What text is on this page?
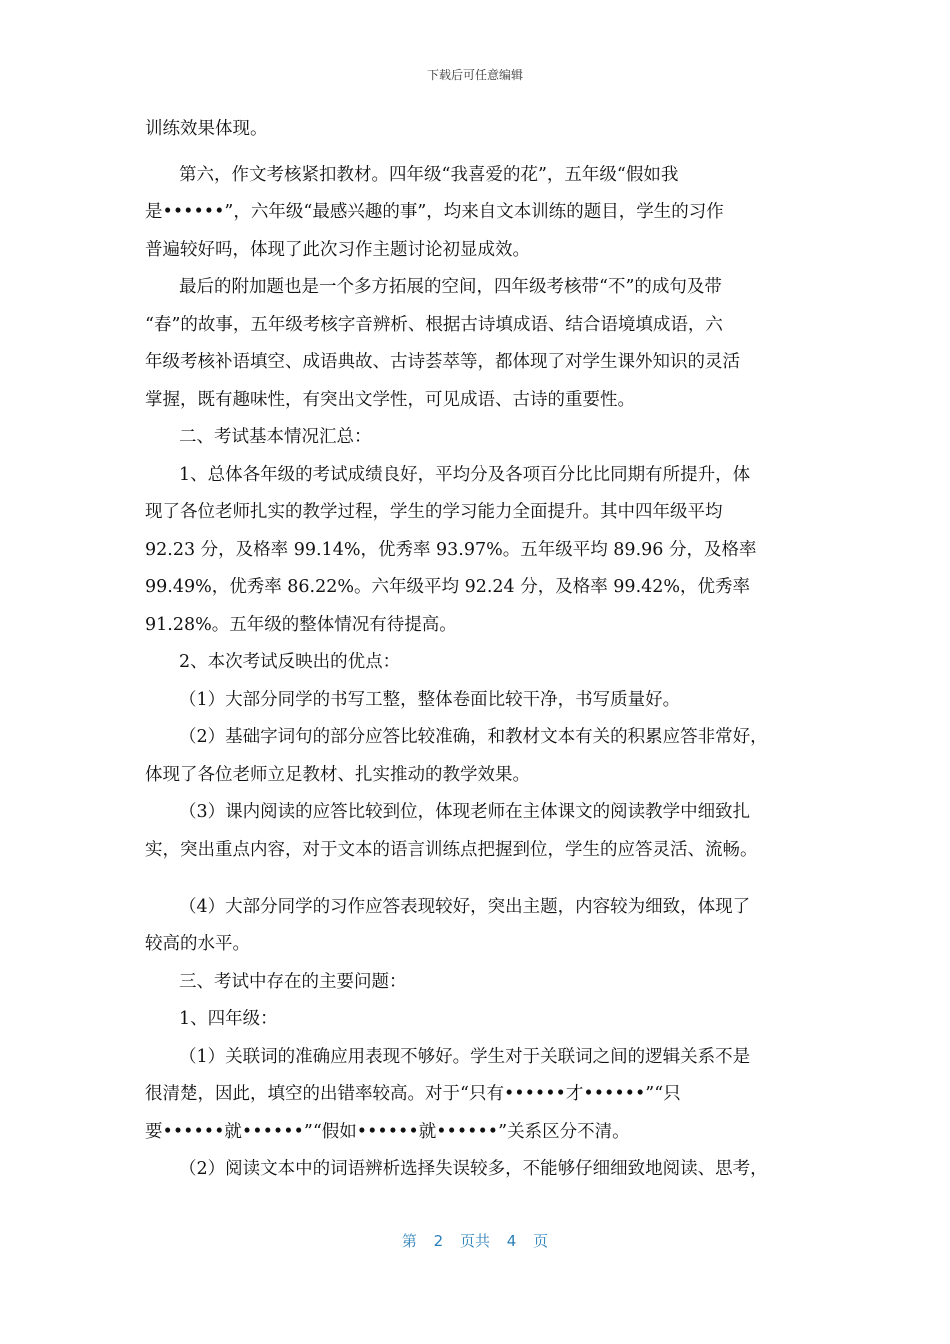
下载后可任意编辑
训练效果体现。
第六，作文考核紧扣教材。四年级“我喜爱的花”，五年级“假如我
是••••••”，六年级“最感兴趣的事”，均来自文本训练的题目，学生的习作
普遍较好吗，体现了此次习作主题讨论初显成效。
最后的附加题也是一个多方拓展的空间，四年级考核带“不”的成句及带
“春”的故事，五年级考核字音辨析、根据古诗填成语、结合语境填成语，六
年级考核补语填空、成语典故、古诗荟萃等，都体现了对学生课外知识的灵活
掌握，既有趣味性，有突出文学性，可见成语、古诗的重要性。
二、考试基本情况汇总：
1、总体各年级的考试成绩良好，平均分及各项百分比比同期有所提升，体
现了各位老师扎实的教学过程，学生的学习能力全面提升。其中四年级平均
92.23 分，及格率 99.14%，优秀率 93.97%。五年级平均 89.96 分，及格率
99.49%，优秀率 86.22%。六年级平均 92.24 分，及格率 99.42%，优秀率
91.28%。五年级的整体情况有待提高。
2、本次考试反映出的优点：
（1）大部分同学的书写工整，整体卷面比较干净，书写质量好。
（2）基础字词句的部分应答比较准确，和教材文本有关的积累应答非常好，
体现了各位老师立足教材、扎实推动的教学效果。
（3）课内阅读的应答比较到位，体现老师在主体课文的阅读教学中细致扎
实，突出重点内容，对于文本的语言训练点把握到位，学生的应答灵活、流畅。
（4）大部分同学的习作应答表现较好，突出主题，内容较为细致，体现了
较高的水平。
三、考试中存在的主要问题：
1、四年级：
（1）关联词的准确应用表现不够好。学生对于关联词之间的逻辑关系不是
很清楚，因此，填空的出错率较高。对于“只有••••••才••••••”“只
要••••••就••••••”“假如••••••就••••••”关系区分不清。
（2）阅读文本中的词语辨析选择失误较多，不能够仔细细致地阅读、思考，
第 2 页共 4 页
